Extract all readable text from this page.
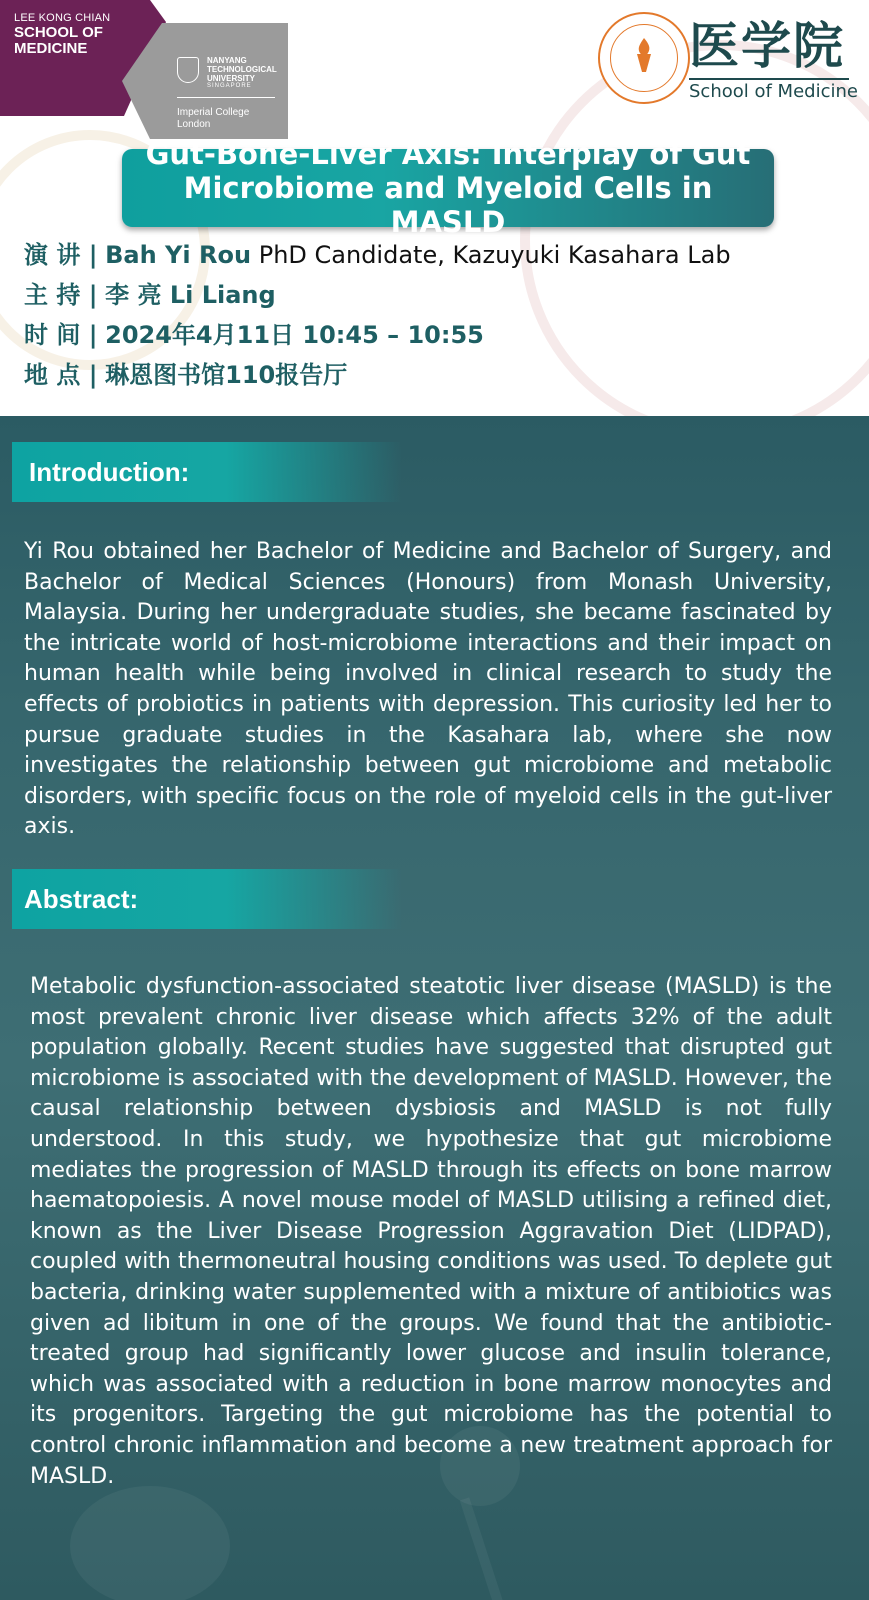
LEE KONG CHIAN
SCHOOL OF
MEDICINE
NANYANG
TECHNOLOGICAL
UNIVERSITY
SINGAPORE
Imperial College
London
医学院
School of Medicine
Gut-Bone-Liver Axis: Interplay of Gut
Microbiome and Myeloid Cells in MASLD
演 讲 | Bah Yi Rou PhD Candidate, Kazuyuki Kasahara Lab
主 持 | 李 亮 Li Liang
时 间 | 2024年4月11日 10:45 – 10:55
地 点 | 琳恩图书馆110报告厅
Introduction:
Yi Rou obtained her Bachelor of Medicine and Bachelor of Surgery, and Bachelor of Medical Sciences (Honours) from Monash University, Malaysia. During her undergraduate studies, she became fascinated by the intricate world of host-microbiome interactions and their impact on human health while being involved in clinical research to study the effects of probiotics in patients with depression. This curiosity led her to pursue graduate studies in the Kasahara lab, where she now investigates the relationship between gut microbiome and metabolic disorders, with specific focus on the role of myeloid cells in the gut-liver axis.
Abstract:
Metabolic dysfunction-associated steatotic liver disease (MASLD) is the most prevalent chronic liver disease which affects 32% of the adult population globally. Recent studies have suggested that disrupted gut microbiome is associated with the development of MASLD. However, the causal relationship between dysbiosis and MASLD is not fully understood. In this study, we hypothesize that gut microbiome mediates the progression of MASLD through its effects on bone marrow haematopoiesis. A novel mouse model of MASLD utilising a refined diet, known as the Liver Disease Progression Aggravation Diet (LIDPAD), coupled with thermoneutral housing conditions was used. To deplete gut bacteria, drinking water supplemented with a mixture of antibiotics was given ad libitum in one of the groups. We found that the antibiotic-treated group had significantly lower glucose and insulin tolerance, which was associated with a reduction in bone marrow monocytes and its progenitors. Targeting the gut microbiome has the potential to control chronic inflammation and become a new treatment approach for MASLD.
